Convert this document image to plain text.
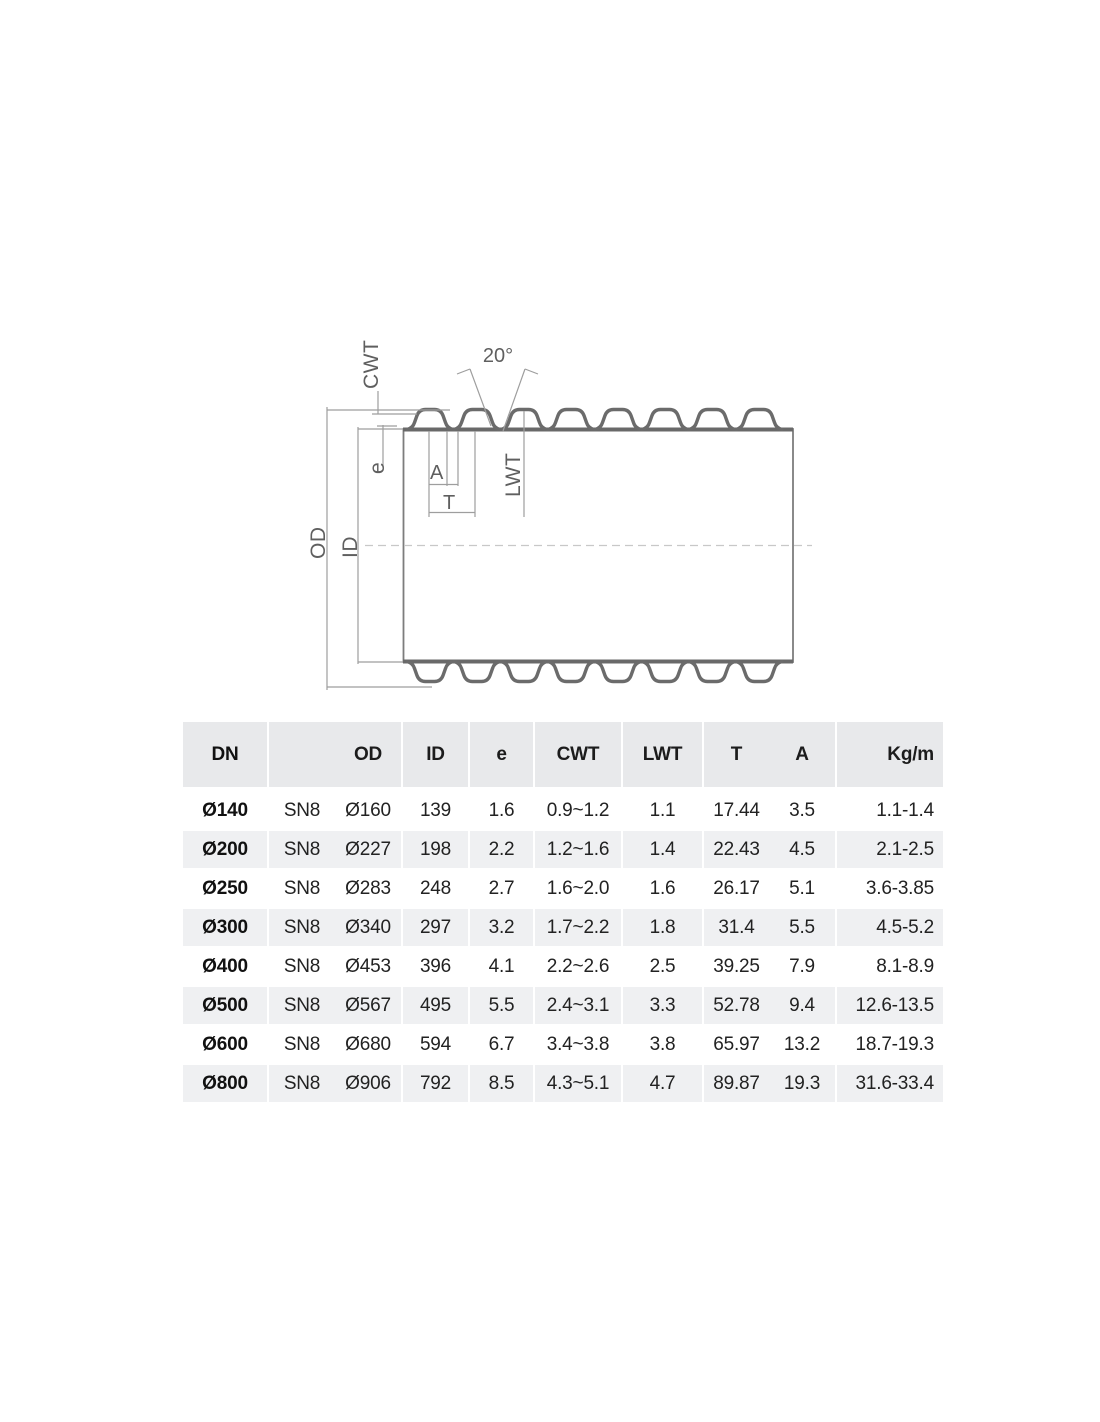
CWT	20°
e A
T
LWT
OD ID
DN		OD	ID	e	CWT	LWT	T	A	Kg/m
Ø140	SN8	Ø160	139	1.6	0.9~1.2	1.1	17.44	3.5	1.1-1.4
Ø200	SN8	Ø227	198	2.2	1.2~1.6	1.4	22.43	4.5	2.1-2.5
Ø250	SN8	Ø283	248	2.7	1.6~2.0	1.6	26.17	5.1	3.6-3.85
Ø300	SN8	Ø340	297	3.2	1.7~2.2	1.8	31.4	5.5	4.5-5.2
Ø400	SN8	Ø453	396	4.1	2.2~2.6	2.5	39.25	7.9	8.1-8.9
Ø500	SN8	Ø567	495	5.5	2.4~3.1	3.3	52.78	9.4	12.6-13.5
Ø600	SN8	Ø680	594	6.7	3.4~3.8	3.8	65.97	13.2	18.7-19.3
Ø800	SN8	Ø906	792	8.5	4.3~5.1	4.7	89.87	19.3	31.6-33.4
